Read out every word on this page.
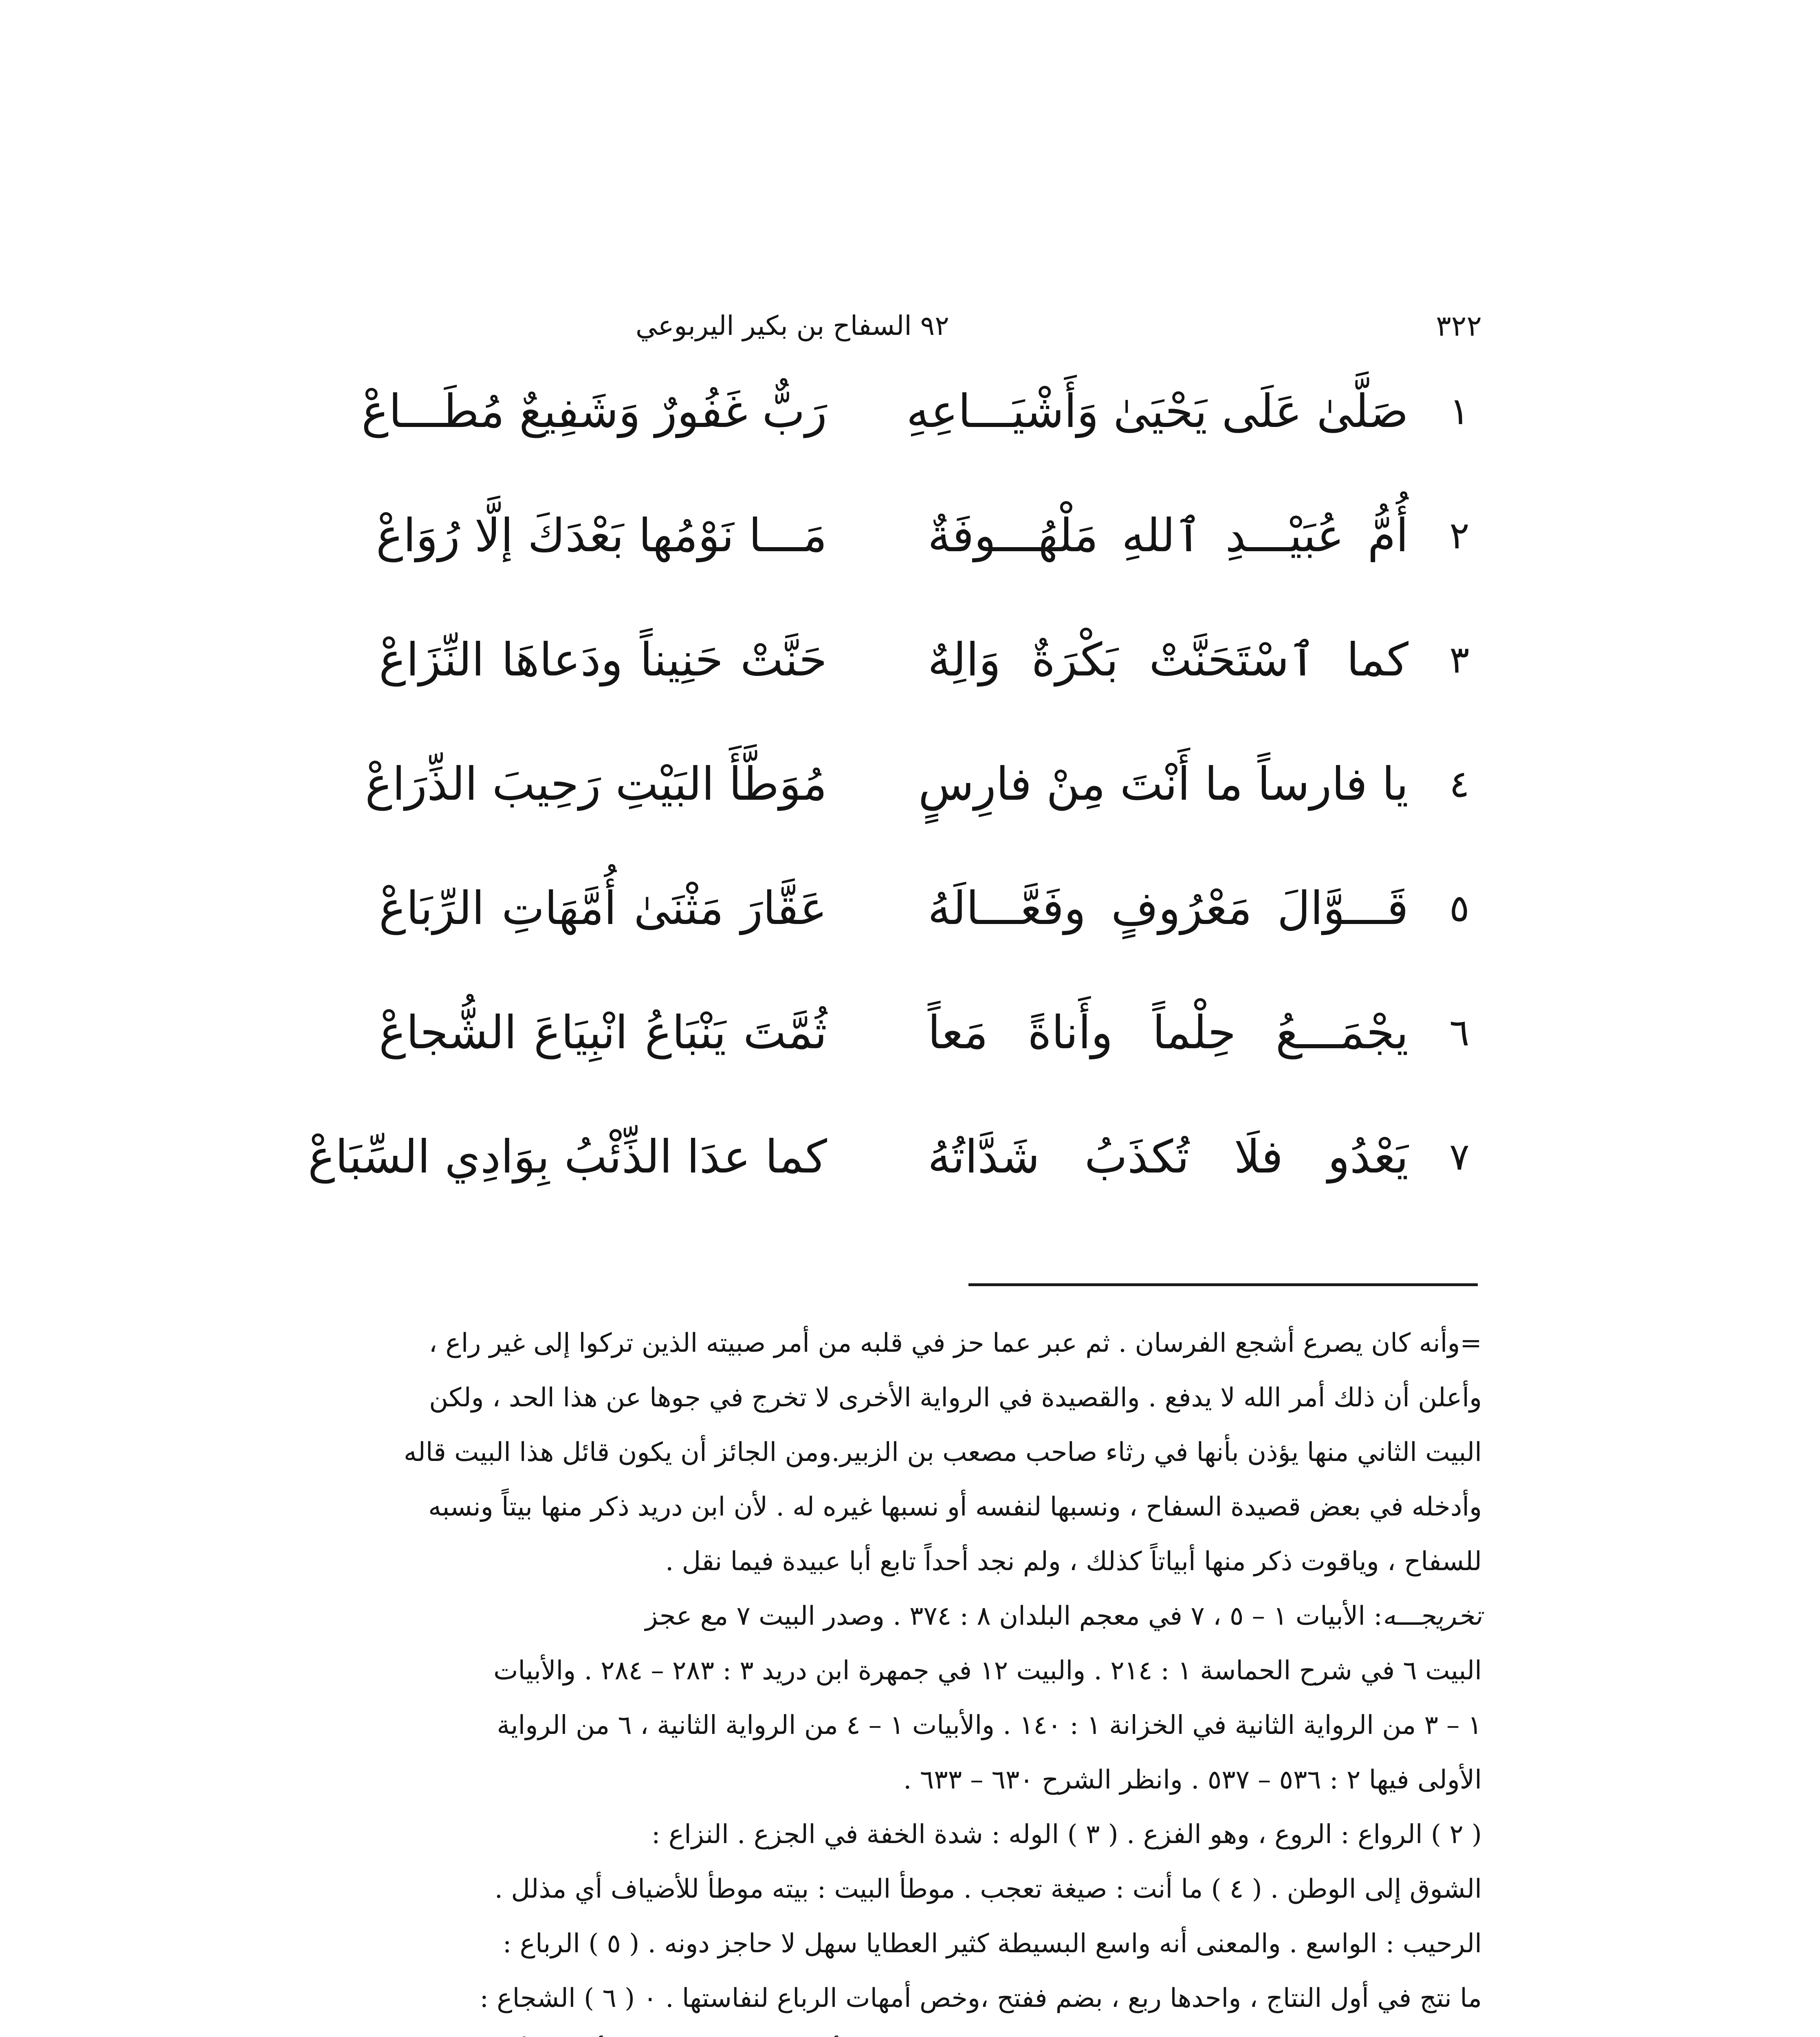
٣٢٢
٩٢ السفاح بن بكير اليربوعي
١
صَلَّىٰ عَلَى يَحْيَىٰ وَأَشْيَـــاعِهِ
رَبٌّ غَفُورٌ وَشَفِيعٌ مُطَـــاعْ
٢
أُمُّ عُبَيْـــدِ ٱللهِ مَلْهُـــوفَةٌ
مَـــا نَوْمُها بَعْدَكَ إلَّا رُوَاعْ
٣
كما ٱسْتَحَنَّتْ بَكْرَةٌ وَالِهٌ
حَنَّتْ حَنِيناً ودَعاهَا النِّزَاعْ
٤
يا فارساً ما أَنْتَ مِنْ فارِسٍ
مُوَطَّأَ البَيْتِ رَحِيبَ الذِّرَاعْ
٥
قَـــوَّالَ مَعْرُوفٍ وفَعَّـــالَهُ
عَقَّارَ مَثْنَىٰ أُمَّهَاتِ الرِّبَاعْ
٦
يجْمَـــعُ حِلْماً وأَناةً مَعاً
ثُمَّتَ يَنْبَاعُ انْبِيَاعَ الشُّجاعْ
٧
يَعْدُو فلَا تُكذَبُ شَدَّاتُهُ
كما عدَا الذِّئْبُ بِوَادِي السِّبَاعْ

=وأنه كان يصرع أشجع الفرسان . ثم عبر عما حز في قلبه من أمر صبيته الذين تركوا إلى غير راع ،

وأعلن أن ذلك أمر الله لا يدفع . والقصيدة في الرواية الأخرى لا تخرج في جوها عن هذا الحد ، ولكن

البيت الثاني منها يؤذن بأنها في رثاء صاحب مصعب بن الزبير.ومن الجائز أن يكون قائل هذا البيت قاله

وأدخله في بعض قصيدة السفاح ، ونسبها لنفسه أو نسبها غيره له . لأن ابن دريد ذكر منها بيتاً ونسبه

للسفاح ، وياقوت ذكر منها أبياتاً كذلك ، ولم نجد أحداً تابع أبا عبيدة فيما نقل .

تخريجـــه: الأبيات ١ – ٥ ، ٧ في معجم البلدان ٨ : ٣٧٤ . وصدر البيت ٧ مع عجز

البيت ٦ في شرح الحماسة ١ : ٢١٤ . والبيت ١٢ في جمهرة ابن دريد ٣ : ٢٨٣ – ٢٨٤ . والأبيات

١ – ٣ من الرواية الثانية في الخزانة ١ : ١٤٠ . والأبيات ١ – ٤ من الرواية الثانية ، ٦ من الرواية

الأولى فيها ٢ : ٥٣٦ – ٥٣٧ . وانظر الشرح ٦٣٠ – ٦٣٣ .

( ٢ ) الرواع : الروع ، وهو الفزع . ( ٣ ) الوله : شدة الخفة في الجزع . النزاع :

الشوق إلى الوطن . ( ٤ ) ما أنت : صيغة تعجب . موطأ البيت : بيته موطأ للأضياف أي مذلل .

الرحيب : الواسع . والمعنى أنه واسع البسيطة كثير العطايا سهل لا حاجز دونه . ( ٥ ) الرباع :

ما نتج في أول النتاج ، واحدها ربع ، بضم ففتح ،وخص أمهات الرباع لنفاستها . ٠ ( ٦ ) الشجاع :
